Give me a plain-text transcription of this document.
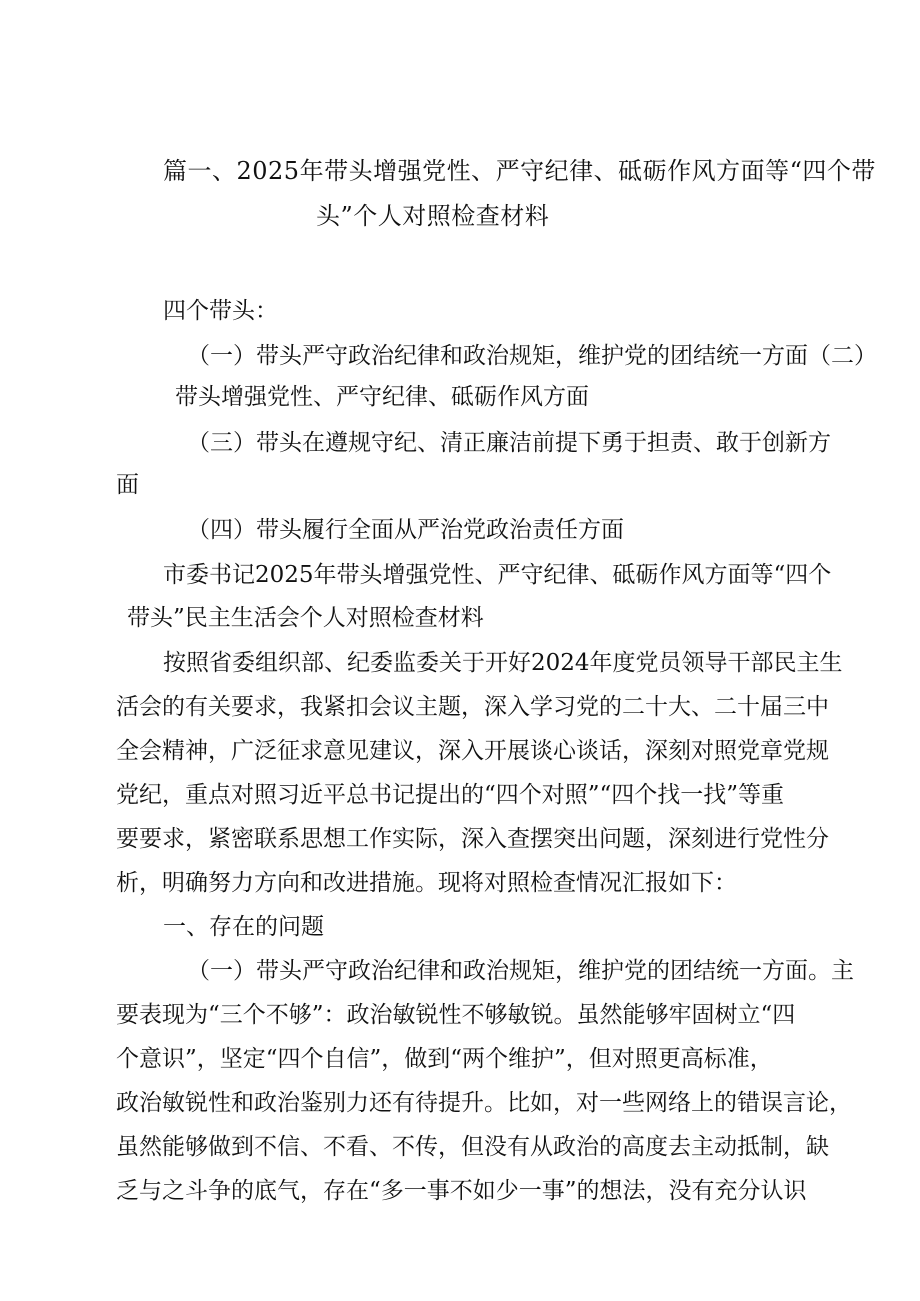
篇一、2025年带头增强党性、严守纪律、砥砺作风方面等“四个带
头”个人对照检查材料
四个带头：
（一）带头严守政治纪律和政治规矩，维护党的团结统一方面（二）
带头增强党性、严守纪律、砥砺作风方面
（三）带头在遵规守纪、清正廉洁前提下勇于担责、敢于创新方
面
（四）带头履行全面从严治党政治责任方面
市委书记2025年带头增强党性、严守纪律、砥砺作风方面等“四个
带头”民主生活会个人对照检查材料
按照省委组织部、纪委监委关于开好2024年度党员领导干部民主生
活会的有关要求，我紧扣会议主题，深入学习党的二十大、二十届三中
全会精神，广泛征求意见建议，深入开展谈心谈话，深刻对照党章党规
党纪，重点对照习近平总书记提出的“四个对照”“四个找一找”等重
要要求，紧密联系思想工作实际，深入查摆突出问题，深刻进行党性分
析，明确努力方向和改进措施。现将对照检查情况汇报如下：
一、存在的问题
（一）带头严守政治纪律和政治规矩，维护党的团结统一方面。主
要表现为“三个不够”：政治敏锐性不够敏锐。虽然能够牢固树立“四
个意识”，坚定“四个自信”，做到“两个维护”，但对照更高标准，
政治敏锐性和政治鉴别力还有待提升。比如，对一些网络上的错误言论，
虽然能够做到不信、不看、不传，但没有从政治的高度去主动抵制，缺
乏与之斗争的底气，存在“多一事不如少一事”的想法，没有充分认识
